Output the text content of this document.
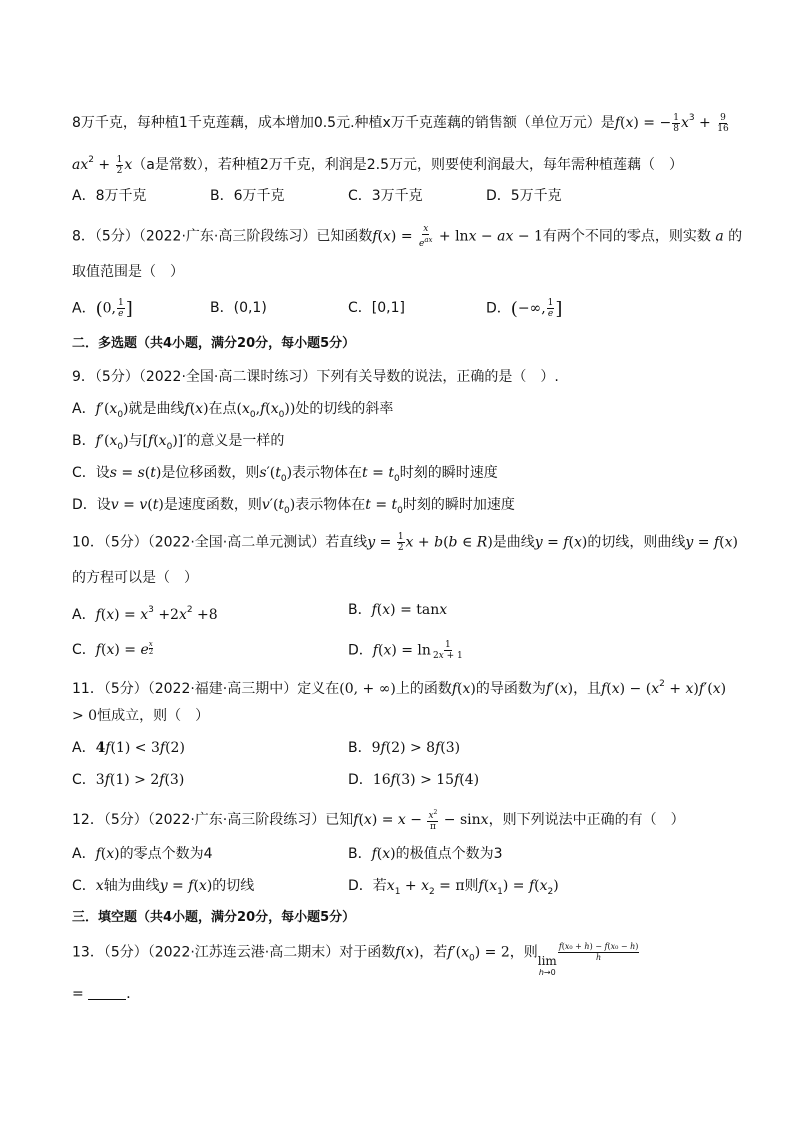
8万千克，每种植1千克莲藕，成本增加0.5元.种植x万千克莲藕的销售额（单位万元）是f(x) = − $\frac{1}{8} x^3 + \frac{9}{16}$
$ax^2 + \frac{1}{2} x(a$是常数），若种植2万千克，利润是2.5万元，则要使利润最大，每年需种植莲藕（　）
A．8万千克	B．6万千克	C．3万千克	D．5万千克
8．（5分）（2022·广东·高三阶段练习）已知函数$f(x) = \frac{x}{e^{ax}} + \ln x$ − ax − 1有两个不同的零点，则实数 a 的
取值范围是（　）
A．(0, $\frac{1}{e}$ ]	B．(0,1)	C．[0,1]	D．(−∞, $\frac{1}{e}$ ]
二．多选题（共4小题，满分20分，每小题5分）
9．（5分）（2022·全国·高二课时练习）下列有关导数的说法，正确的是（　）.
A．$f'(x_0)$就是曲线f(x)在点$(x_0,f(x_0))$处的切线的斜率
B．$f'(x_0)$与$[f(x_0)]'$的意义是一样的
C．设s = s(t)是位移函数，则$s'(t_0)$表示物体在$t = t_0$时刻的瞬时速度
D．设v = v(t)是速度函数，则$v'(t_0)$表示物体在$t = t_0$时刻的瞬时加速度
10．（5分）（2022·全国·高二单元测试）若直线$y = \frac{1}{2}$ x + b(b ∈ R)是曲线y = f(x)的切线，则曲线y = f(x)
的方程可以是（　）
A．$f(x) = x^3 +2x^2 +8$	B．f(x) = tanx
C．f(x) = e $\frac{x}{2}$	D．$f(x) = \ln \frac{1}{2x + 1}$
11．（5分）（2022·福建·高三期中）定义在(0, + ∞)上的函数f(x)的导函数为f′(x)，且$f(x) - (x^2 + x)f'(x)$
> 0恒成立，则（　）
A．4f(1) < 3f(2)	B．9f(2) > 8f(3)
C．3f(1) > 2f(3)	D．16f(3) > 15f(4)
12．（5分）（2022·广东·高三阶段练习）已知$f(x) = x - \frac{x^2}{\pi} - \sin x$，则下列说法中正确的有（　）
A．f(x)的零点个数为4	B．f(x)的极值点个数为3
C．x轴为曲线y = f(x)的切线	D．若$x_1 + x_2 = \pi$则$f(x_1) = f(x_2)$
三．填空题（共4小题，满分20分，每小题5分）
13．（5分）（2022·江苏连云港·高二期末）对于函数f(x)，若$f'(x_0) = 2$，则 lim
h→0
$\frac{\text{f(x₀ + h) − f(x₀ − h)}}{h}$
=	．
